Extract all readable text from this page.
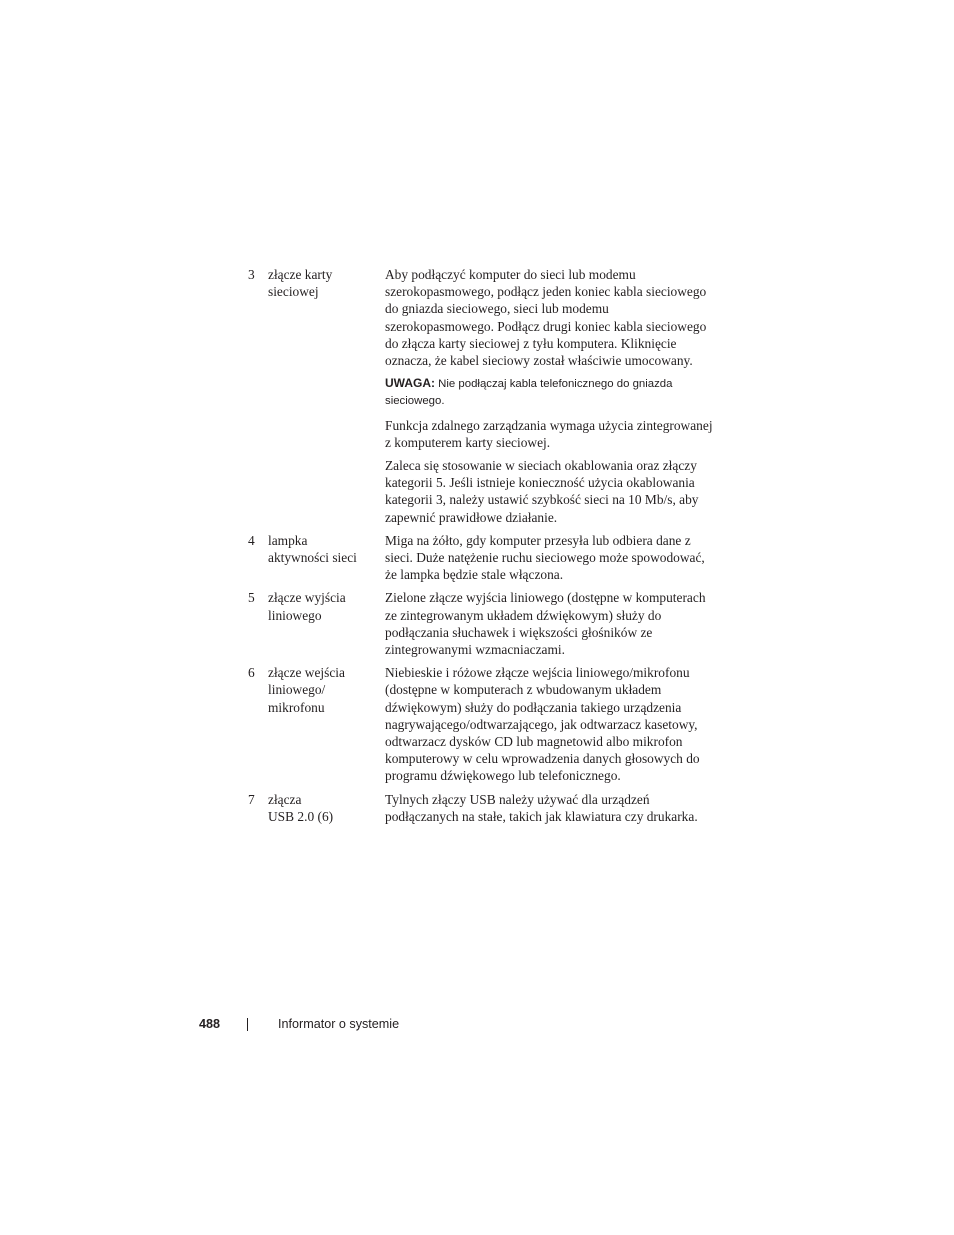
3 złącze karty
sieciowej
Aby podłączyć komputer do sieci lub modemu
szerokopasmowego, podłącz jeden koniec kabla sieciowego
do gniazda sieciowego, sieci lub modemu
szerokopasmowego. Podłącz drugi koniec kabla sieciowego
do złącza karty sieciowej z tyłu komputera. Kliknięcie
oznacza, że kabel sieciowy został właściwie umocowany.
UWAGA: Nie podłączaj kabla telefonicznego do gniazda
sieciowego.
Funkcja zdalnego zarządzania wymaga użycia zintegrowanej
z komputerem karty sieciowej.
Zaleca się stosowanie w sieciach okablowania oraz złączy
kategorii 5. Jeśli istnieje konieczność użycia okablowania
kategorii 3, należy ustawić szybkość sieci na 10 Mb/s, aby
zapewnić prawidłowe działanie.
4 lampka
aktywności sieci
Miga na żółto, gdy komputer przesyła lub odbiera dane z
sieci. Duże natężenie ruchu sieciowego może spowodować,
że lampka będzie stale włączona.
5 złącze wyjścia
liniowego
Zielone złącze wyjścia liniowego (dostępne w komputerach
ze zintegrowanym układem dźwiękowym) służy do
podłączania słuchawek i większości głośników ze
zintegrowanymi wzmacniaczami.
6 złącze wejścia
liniowego/
mikrofonu
Niebieskie i różowe złącze wejścia liniowego/mikrofonu
(dostępne w komputerach z wbudowanym układem
dźwiękowym) służy do podłączania takiego urządzenia
nagrywającego/odtwarzającego, jak odtwarzacz kasetowy,
odtwarzacz dysków CD lub magnetowid albo mikrofon
komputerowy w celu wprowadzenia danych głosowych do
programu dźwiękowego lub telefonicznego.
7 złącza
USB 2.0 (6)
Tylnych złączy USB należy używać dla urządzeń
podłączanych na stałe, takich jak klawiatura czy drukarka.
488	Informator o systemie
